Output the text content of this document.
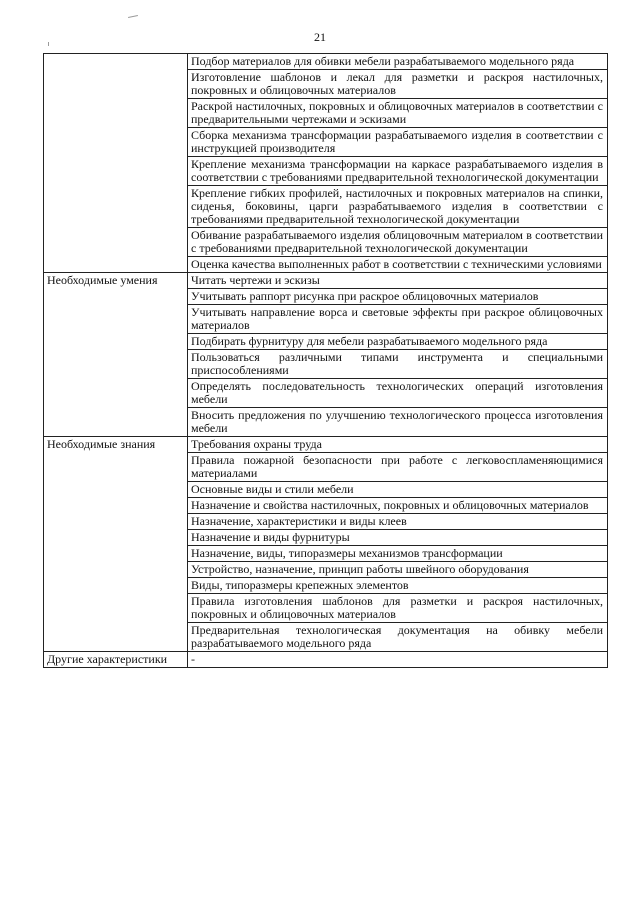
21
	Подбор материалов для обивки мебели разрабатываемого модельного ряда
	Изготовление шаблонов и лекал для разметки и раскроя настилочных, покровных и облицовочных материалов
	Раскрой настилочных, покровных и облицовочных материалов в соответствии с предварительными чертежами и эскизами
	Сборка механизма трансформации разрабатываемого изделия в соответствии с инструкцией производителя
	Крепление механизма трансформации на каркасе разрабатываемого изделия в соответствии с требованиями предварительной технологической документации
	Крепление гибких профилей, настилочных и покровных материалов на спинки, сиденья, боковины, царги разрабатываемого изделия в соответствии с требованиями предварительной технологической документации
	Обивание разрабатываемого изделия облицовочным материалом в соответствии с требованиями предварительной технологической документации
	Оценка качества выполненных работ в соответствии с техническими условиями
Необходимые умения	Читать чертежи и эскизы
	Учитывать раппорт рисунка при раскрое облицовочных материалов
	Учитывать направление ворса и световые эффекты при раскрое облицовочных материалов
	Подбирать фурнитуру для мебели разрабатываемого модельного ряда
	Пользоваться различными типами инструмента и специальными приспособлениями
	Определять последовательность технологических операций изготовления мебели
	Вносить предложения по улучшению технологического процесса изготовления мебели
Необходимые знания	Требования охраны труда
	Правила пожарной безопасности при работе с легковоспламеняющимися материалами
	Основные виды и стили мебели
	Назначение и свойства настилочных, покровных и облицовочных материалов
	Назначение, характеристики и виды клеев
	Назначение и виды фурнитуры
	Назначение, виды, типоразмеры механизмов трансформации
	Устройство, назначение, принцип работы швейного оборудования
	Виды, типоразмеры крепежных элементов
	Правила изготовления шаблонов для разметки и раскроя настилочных, покровных и облицовочных материалов
	Предварительная технологическая документация на обивку мебели разрабатываемого модельного ряда
Другие характеристики	-
